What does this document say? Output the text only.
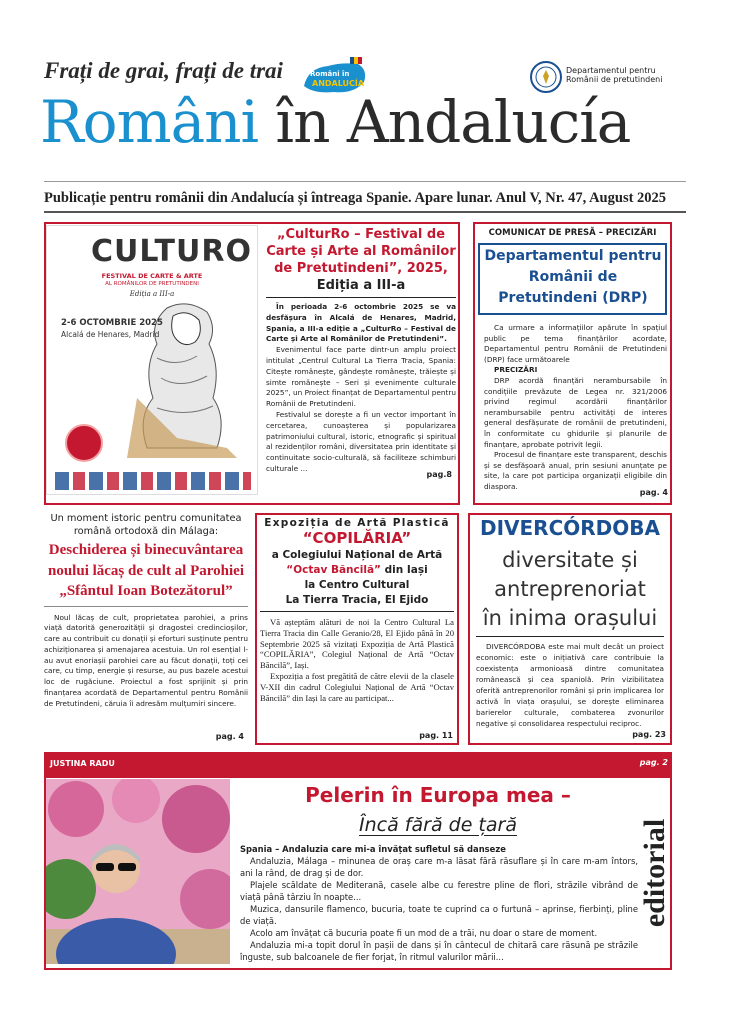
Frați de grai, frați de trai	Români în
ANDALUCÍA
Departamentul pentru
Românii de pretutindeni
Români în Andalucía
Publicație pentru românii din Andalucía și întreaga Spanie. Apare lunar. Anul V, Nr. 47, August 2025
CULTURO
FESTIVAL DE CARTE & ARTE
AL ROMÂNILOR DE PRETUTINDENI
Ediția a III-a
2-6 OCTOMBRIE 2025
Alcalá de Henares, Madrid
„CulturRo – Festival de Carte și Arte al Românilor de Pretutindeni”, 2025,
Ediția a III-a
În perioada 2-6 octombrie 2025 se va desfășura în Alcalá de Henares, Madrid, Spania, a III-a ediție a „CulturRo – Festival de Carte și Arte al Românilor de Pretutindeni”.
Evenimentul face parte dintr-un amplu proiect intitulat „Centrul Cultural La Tierra Tracia, Spania: Citește românește, gândește românește, trăiește și simte românește – Seri și evenimente culturale 2025”, un Proiect finanțat de Departamentul pentru Românii de Pretutindeni.
Festivalul se dorește a fi un vector important în cercetarea, cunoașterea și popularizarea patrimoniului cultural, istoric, etnografic și spiritual al rezidenților români, diversitatea prin identitate și continuitate socio-culturală, să faciliteze schimburi culturale ...
pag.8
COMUNICAT DE PRESĂ – PRECIZĂRI
Departamentul pentru Românii de Pretutindeni (DRP)
Ca urmare a informațiilor apărute în spațiul public pe tema finanțărilor acordate, Departamentul pentru Românii de Pretutindeni (DRP) face următoarele
PRECIZĂRI
DRP acordă finanțări nerambursabile în condițiile prevăzute de Legea nr. 321/2006 privind regimul acordării finanțărilor nerambursabile pentru activități de interes general desfășurate de românii de pretutindeni, în conformitate cu ghidurile și planurile de finanțare, aprobate potrivit legii.
Procesul de finanțare este transparent, deschis și se desfășoară anual, prin sesiuni anunțate pe site, la care pot participa organizații eligibile din diaspora.
pag. 4
Un moment istoric pentru comunitatea română ortodoxă din Málaga:
Deschiderea și binecuvântarea noului lăcaș de cult al Parohiei „Sfântul Ioan Botezătorul”
Noul lăcaș de cult, proprietatea parohiei, a prins viață datorită generozității și dragostei credincioșilor, care au contribuit cu donații și eforturi susținute pentru achiziționarea și amenajarea acestuia. Un rol esențial l-au avut enoriașii parohiei care au făcut donații, toți cei care, cu timp, energie și resurse, au pus bazele acestui loc de rugăciune. Proiectul a fost sprijinit și prin finanțarea acordată de Departamentul pentru Românii de Pretutindeni, căruia îi adresăm mulțumiri sincere.
pag. 4
Expoziția de Artă Plastică
“COPILĂRIA”
a Colegiului Național de Artă
“Octav Băncilă” din Iași
la Centro Cultural
La Tierra Tracia, El Ejido
Vă așteptăm alături de noi la Centro Cultural La Tierra Tracia din Calle Geranio/28, El Ejido până în 20 Septembrie 2025 să vizitați Expoziția de Artă Plastică “COPILĂRIA”, Colegiul Național de Artă “Octav Băncilă”, Iași.
Expoziția a fost pregătită de către elevii de la clasele V-XII din cadrul Colegiului Național de Artă “Octav Băncilă” din Iași la care au participat...
pag. 11
DIVERCÓRDOBA
diversitate și
antreprenoriat
în inima orașului
DIVERCÓRDOBA este mai mult decât un proiect economic: este o inițiativă care contribuie la coexistența armonioasă dintre comunitatea românească și cea spaniolă. Prin vizibilitatea oferită antreprenorilor români și prin implicarea lor activă în viața orașului, se dorește eliminarea barierelor culturale, combaterea zvonurilor negative și consolidarea respectului reciproc.
pag. 23
JUSTINA RADU	pag. 2
Pelerin în Europa mea –
Încă fără de țară
Spania – Andaluzia care mi-a învățat sufletul să danseze
Andaluzia, Málaga – minunea de oraș care m-a lăsat fără răsuflare și în care m-am întors, ani la rând, de drag și de dor.
Plajele scăldate de Mediterană, casele albe cu ferestre pline de flori, străzile vibrând de viață până târziu în noapte...
Muzica, dansurile flamenco, bucuria, toate te cuprind ca o furtună – aprinse, fierbinți, pline de viață.
Acolo am învățat că bucuria poate fi un mod de a trăi, nu doar o stare de moment.
Andaluzia mi-a topit dorul în pașii de dans și în cântecul de chitară care răsună pe străzile înguste, sub balcoanele de fier forjat, în ritmul valurilor mării...
editorial
